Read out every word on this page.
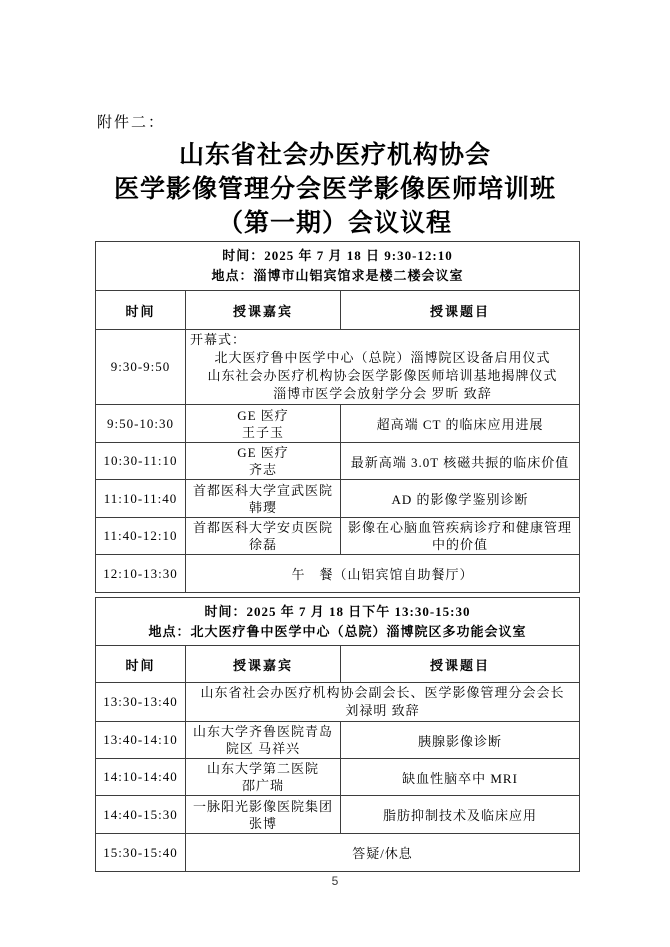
附件二：
山东省社会办医疗机构协会
医学影像管理分会医学影像医师培训班
（第一期）会议议程
时间：2025 年 7 月 18 日 9:30-12:10
地点：淄博市山铝宾馆求是楼二楼会议室		

时间	授课嘉宾	授课题目
9:30-9:50	开幕式：
北大医疗鲁中医学中心（总院）淄博院区设备启用仪式
山东社会办医疗机构协会医学影像医师培训基地揭牌仪式
淄博市医学会放射学分会 罗昕 致辞	

9:50-10:30	GE 医疗
王子玉	超高端 CT 的临床应用进展
10:30-11:10	GE 医疗
齐志	最新高端 3.0T 核磁共振的临床价值
11:10-11:40	首都医科大学宣武医院
韩璎	AD 的影像学鉴别诊断
11:40-12:10	首都医科大学安贞医院
徐磊	影像在心脑血管疾病诊疗和健康管理中的价值
12:10-13:30	午　餐（山铝宾馆自助餐厅）	
时间：2025 年 7 月 18 日下午 13:30-15:30
地点：北大医疗鲁中医学中心（总院）淄博院区多功能会议室		

时间	授课嘉宾	授课题目
13:30-13:40	山东省社会办医疗机构协会副会长、医学影像管理分会会长
刘禄明 致辞	

13:40-14:10	山东大学齐鲁医院青岛
院区 马祥兴	胰腺影像诊断
14:10-14:40	山东大学第二医院
邵广瑞	缺血性脑卒中 MRI
14:40-15:30	一脉阳光影像医院集团
张博	脂肪抑制技术及临床应用
15:30-15:40	答疑/休息	
5
